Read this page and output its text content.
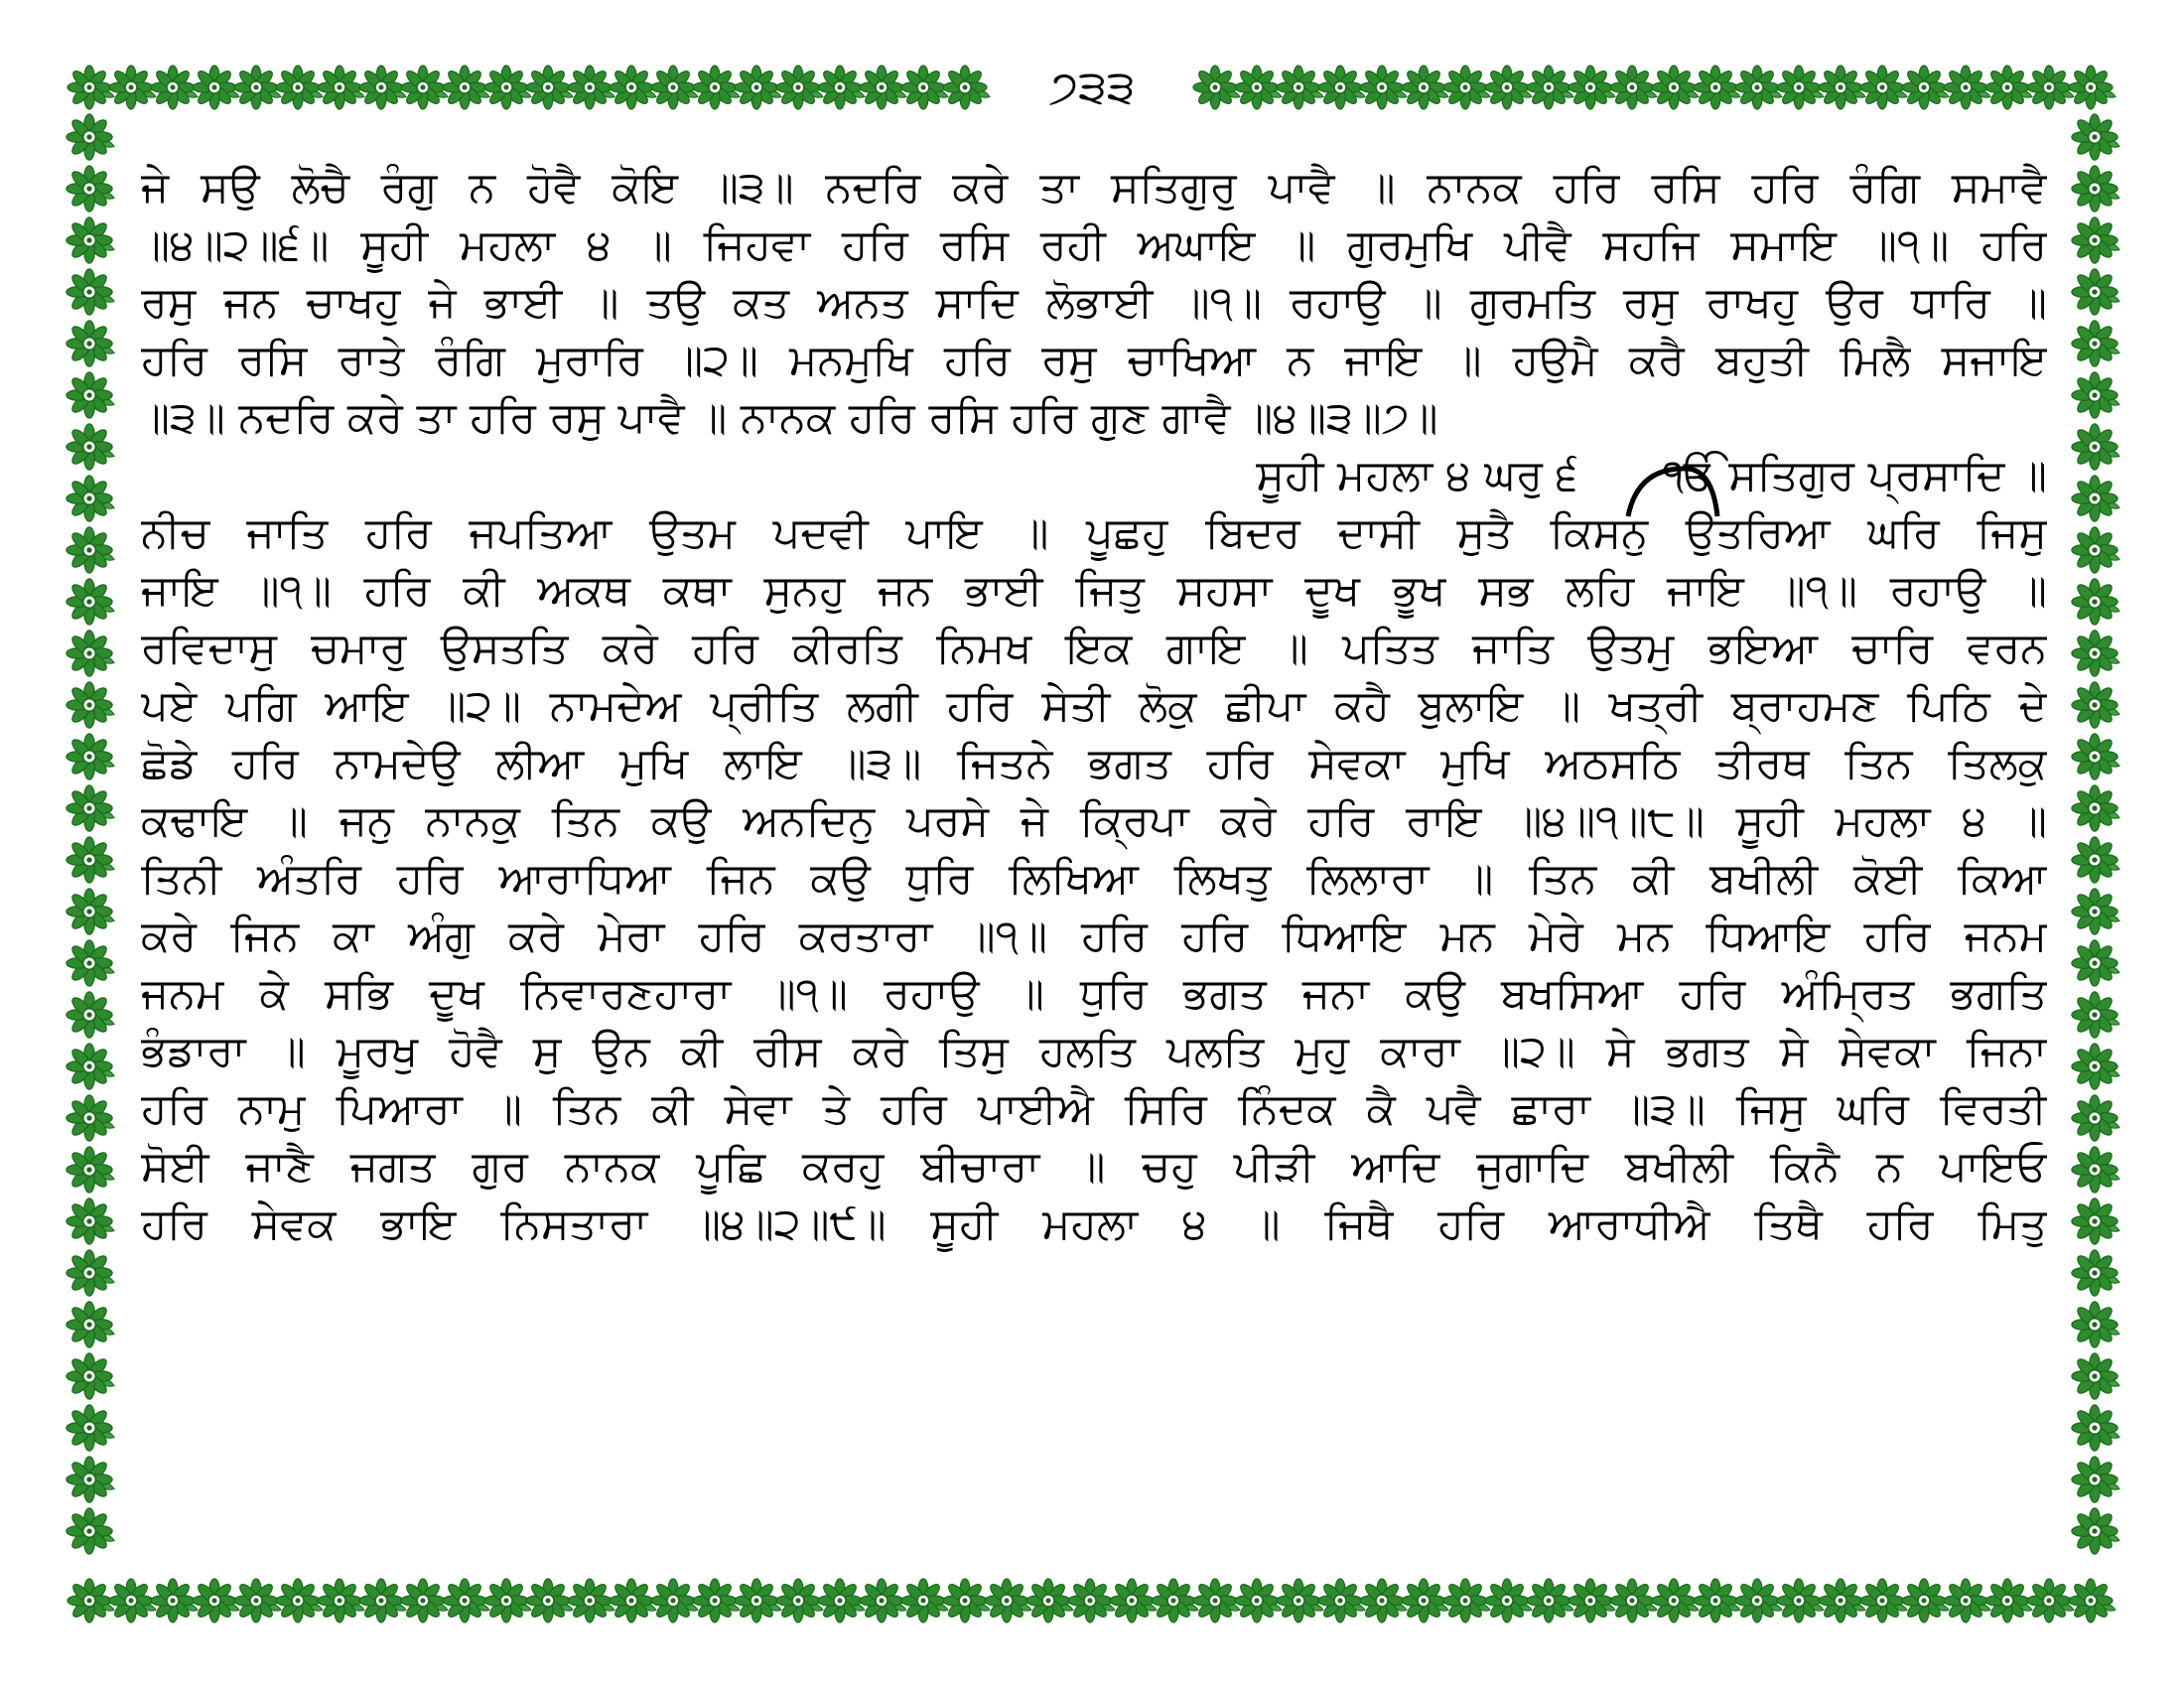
੭੩੩
ਜੇ ਸਉ ਲੋਚੈ ਰੰਗੁ ਨ ਹੋਵੈ ਕੋਇ ॥੩॥ ਨਦਰਿ ਕਰੇ ਤਾ ਸਤਿਗੁਰੁ ਪਾਵੈ ॥ ਨਾਨਕ ਹਰਿ ਰਸਿ ਹਰਿ ਰੰਗਿ ਸਮਾਵੈ
॥੪॥੨॥੬॥ ਸੂਹੀ ਮਹਲਾ ੪ ॥ ਜਿਹਵਾ ਹਰਿ ਰਸਿ ਰਹੀ ਅਘਾਇ ॥ ਗੁਰਮੁਖਿ ਪੀਵੈ ਸਹਜਿ ਸਮਾਇ ॥੧॥ ਹਰਿ
ਰਸੁ ਜਨ ਚਾਖਹੁ ਜੇ ਭਾਈ ॥ ਤਉ ਕਤ ਅਨਤ ਸਾਦਿ ਲੋਭਾਈ ॥੧॥ ਰਹਾਉ ॥ ਗੁਰਮਤਿ ਰਸੁ ਰਾਖਹੁ ਉਰ ਧਾਰਿ ॥
ਹਰਿ ਰਸਿ ਰਾਤੇ ਰੰਗਿ ਮੁਰਾਰਿ ॥੨॥ ਮਨਮੁਖਿ ਹਰਿ ਰਸੁ ਚਾਖਿਆ ਨ ਜਾਇ ॥ ਹਉਮੈ ਕਰੈ ਬਹੁਤੀ ਮਿਲੈ ਸਜਾਇ
॥੩॥ ਨਦਰਿ ਕਰੇ ਤਾ ਹਰਿ ਰਸੁ ਪਾਵੈ ॥ ਨਾਨਕ ਹਰਿ ਰਸਿ ਹਰਿ ਗੁਣ ਗਾਵੈ ॥੪॥੩॥੭॥
ਸੂਹੀ ਮਹਲਾ ੪ ਘਰੁ ੬ ੴ ਸਤਿਗੁਰ ਪ੍ਰਸਾਦਿ ॥
ਨੀਚ ਜਾਤਿ ਹਰਿ ਜਪਤਿਆ ਉਤਮ ਪਦਵੀ ਪਾਇ ॥ ਪੂਛਹੁ ਬਿਦਰ ਦਾਸੀ ਸੁਤੈ ਕਿਸਨੁ ਉਤਰਿਆ ਘਰਿ ਜਿਸੁ
ਜਾਇ ॥੧॥ ਹਰਿ ਕੀ ਅਕਥ ਕਥਾ ਸੁਨਹੁ ਜਨ ਭਾਈ ਜਿਤੁ ਸਹਸਾ ਦੂਖ ਭੂਖ ਸਭ ਲਹਿ ਜਾਇ ॥੧॥ ਰਹਾਉ ॥
ਰਵਿਦਾਸੁ ਚਮਾਰੁ ਉਸਤਤਿ ਕਰੇ ਹਰਿ ਕੀਰਤਿ ਨਿਮਖ ਇਕ ਗਾਇ ॥ ਪਤਿਤ ਜਾਤਿ ਉਤਮੁ ਭਇਆ ਚਾਰਿ ਵਰਨ
ਪਏ ਪਗਿ ਆਇ ॥੨॥ ਨਾਮਦੇਅ ਪ੍ਰੀਤਿ ਲਗੀ ਹਰਿ ਸੇਤੀ ਲੋਕੁ ਛੀਪਾ ਕਹੈ ਬੁਲਾਇ ॥ ਖਤ੍ਰੀ ਬ੍ਰਾਹਮਣ ਪਿਠਿ ਦੇ
ਛੋਡੇ ਹਰਿ ਨਾਮਦੇਉ ਲੀਆ ਮੁਖਿ ਲਾਇ ॥੩॥ ਜਿਤਨੇ ਭਗਤ ਹਰਿ ਸੇਵਕਾ ਮੁਖਿ ਅਠਸਠਿ ਤੀਰਥ ਤਿਨ ਤਿਲਕੁ
ਕਢਾਇ ॥ ਜਨੁ ਨਾਨਕੁ ਤਿਨ ਕਉ ਅਨਦਿਨੁ ਪਰਸੇ ਜੇ ਕ੍ਰਿਪਾ ਕਰੇ ਹਰਿ ਰਾਇ ॥੪॥੧॥੮॥ ਸੂਹੀ ਮਹਲਾ ੪ ॥
ਤਿਨੀ ਅੰਤਰਿ ਹਰਿ ਆਰਾਧਿਆ ਜਿਨ ਕਉ ਧੁਰਿ ਲਿਖਿਆ ਲਿਖਤੁ ਲਿਲਾਰਾ ॥ ਤਿਨ ਕੀ ਬਖੀਲੀ ਕੋਈ ਕਿਆ
ਕਰੇ ਜਿਨ ਕਾ ਅੰਗੁ ਕਰੇ ਮੇਰਾ ਹਰਿ ਕਰਤਾਰਾ ॥੧॥ ਹਰਿ ਹਰਿ ਧਿਆਇ ਮਨ ਮੇਰੇ ਮਨ ਧਿਆਇ ਹਰਿ ਜਨਮ
ਜਨਮ ਕੇ ਸਭਿ ਦੂਖ ਨਿਵਾਰਣਹਾਰਾ ॥੧॥ ਰਹਾਉ ॥ ਧੁਰਿ ਭਗਤ ਜਨਾ ਕਉ ਬਖਸਿਆ ਹਰਿ ਅੰਮ੍ਰਿਤ ਭਗਤਿ
ਭੰਡਾਰਾ ॥ ਮੂਰਖੁ ਹੋਵੈ ਸੁ ਉਨ ਕੀ ਰੀਸ ਕਰੇ ਤਿਸੁ ਹਲਤਿ ਪਲਤਿ ਮੁਹੁ ਕਾਰਾ ॥੨॥ ਸੇ ਭਗਤ ਸੇ ਸੇਵਕਾ ਜਿਨਾ
ਹਰਿ ਨਾਮੁ ਪਿਆਰਾ ॥ ਤਿਨ ਕੀ ਸੇਵਾ ਤੇ ਹਰਿ ਪਾਈਐ ਸਿਰਿ ਨਿੰਦਕ ਕੈ ਪਵੈ ਛਾਰਾ ॥੩॥ ਜਿਸੁ ਘਰਿ ਵਿਰਤੀ
ਸੋਈ ਜਾਣੈ ਜਗਤ ਗੁਰ ਨਾਨਕ ਪੂਛਿ ਕਰਹੁ ਬੀਚਾਰਾ ॥ ਚਹੁ ਪੀੜੀ ਆਦਿ ਜੁਗਾਦਿ ਬਖੀਲੀ ਕਿਨੈ ਨ ਪਾਇਓ
ਹਰਿ ਸੇਵਕ ਭਾਇ ਨਿਸਤਾਰਾ ॥੪॥੨॥੯॥ ਸੂਹੀ ਮਹਲਾ ੪ ॥ ਜਿਥੈ ਹਰਿ ਆਰਾਧੀਐ ਤਿਥੈ ਹਰਿ ਮਿਤੁ
